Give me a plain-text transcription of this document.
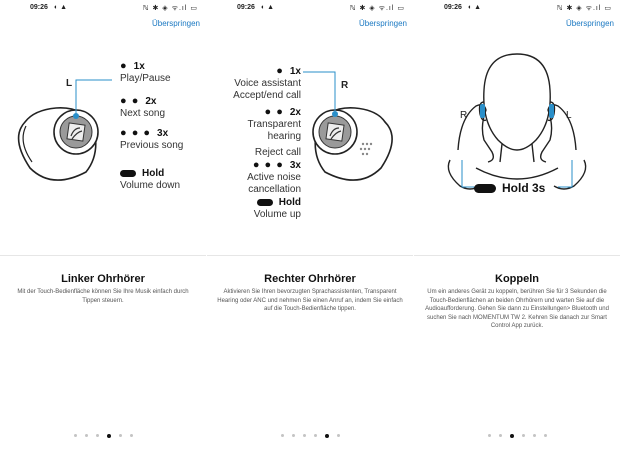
09:26 ◐ ▲	ℕ ✱ ◈ ᯤ.ıl ▭
Überspringen
L
● 1x
Play/Pause
● ● 2x
Next song
● ● ● 3x
Previous song
Hold
Volume down
Linker Ohrhörer
Mit der Touch-Bedienfläche können Sie Ihre Musik einfach durch Tippen steuern.
09:26 ◐ ▲	ℕ ✱ ◈ ᯤ.ıl ▭
Überspringen
R
● 1x
Voice assistant
Accept/end call
● ● 2x
Transparent
hearing
Reject call
● ● ● 3x
Active noise
cancellation
Hold
Volume up
Rechter Ohrhörer
Aktivieren Sie Ihren bevorzugten Sprachassistenten, Transparent Hearing oder ANC und nehmen Sie einen Anruf an, indem Sie einfach auf die Touch-Bedienfläche tippen.
09:26 ◐ ▲	ℕ ✱ ◈ ᯤ.ıl ▭
Überspringen
R	L
Hold 3s
Koppeln
Um ein anderes Gerät zu koppeln, berühren Sie für 3 Sekunden die Touch-Bedienflächen an beiden Ohrhörern und warten Sie auf die Audioaufforderung. Gehen Sie dann zu Einstellungen> Bluetooth und suchen Sie nach MOMENTUM TW 2. Kehren Sie danach zur Smart Control App zurück.
